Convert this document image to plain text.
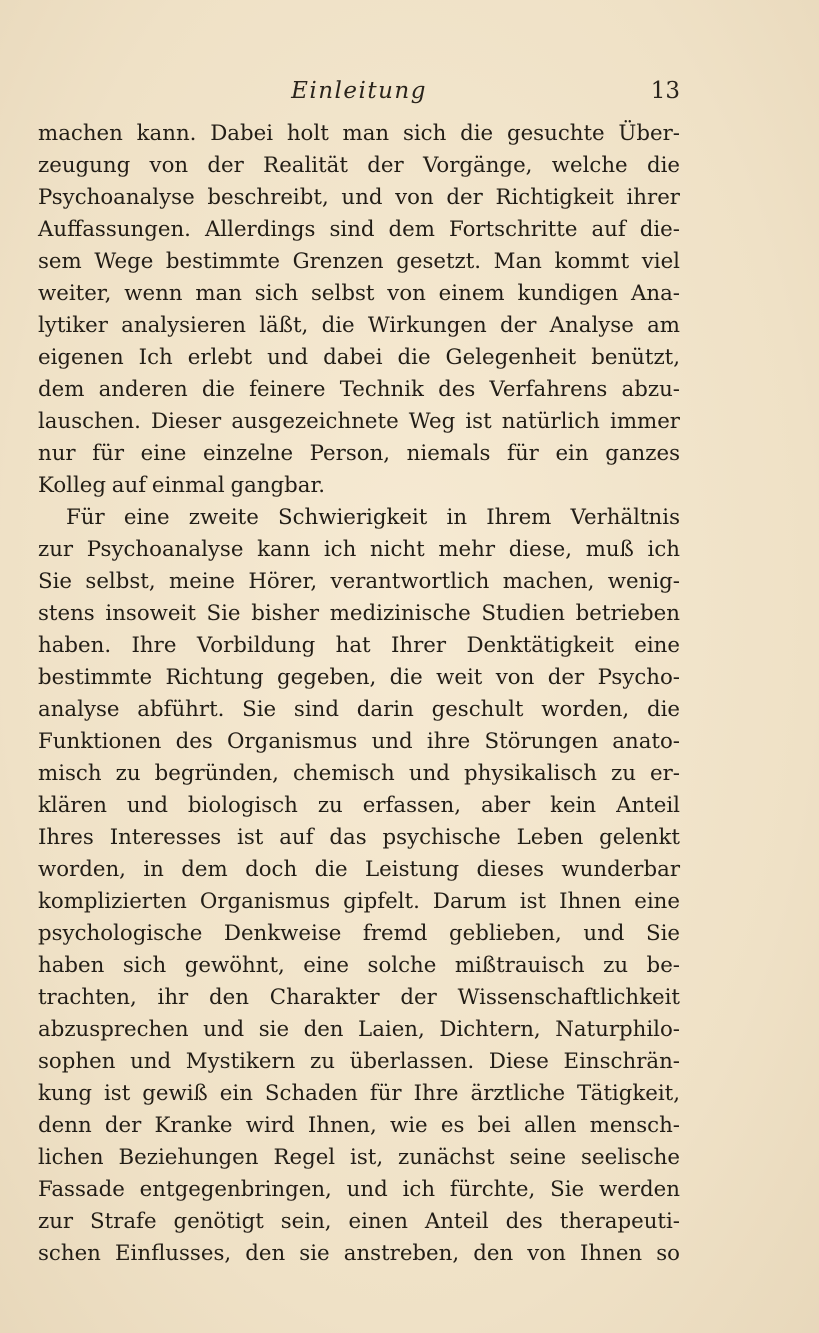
Einleitung	13
machen kann. Dabei holt man sich die gesuchte Über-
zeugung von der Realität der Vorgänge, welche die
Psychoanalyse beschreibt, und von der Richtigkeit ihrer
Auffassungen. Allerdings sind dem Fortschritte auf die-
sem Wege bestimmte Grenzen gesetzt. Man kommt viel
weiter, wenn man sich selbst von einem kundigen Ana-
lytiker analysieren läßt, die Wirkungen der Analyse am
eigenen Ich erlebt und dabei die Gelegenheit benützt,
dem anderen die feinere Technik des Verfahrens abzu-
lauschen. Dieser ausgezeichnete Weg ist natürlich immer
nur für eine einzelne Person, niemals für ein ganzes
Kolleg auf einmal gangbar.
Für eine zweite Schwierigkeit in Ihrem Verhältnis
zur Psychoanalyse kann ich nicht mehr diese, muß ich
Sie selbst, meine Hörer, verantwortlich machen, wenig-
stens insoweit Sie bisher medizinische Studien betrieben
haben. Ihre Vorbildung hat Ihrer Denktätigkeit eine
bestimmte Richtung gegeben, die weit von der Psycho-
analyse abführt. Sie sind darin geschult worden, die
Funktionen des Organismus und ihre Störungen anato-
misch zu begründen, chemisch und physikalisch zu er-
klären und biologisch zu erfassen, aber kein Anteil
Ihres Interesses ist auf das psychische Leben gelenkt
worden, in dem doch die Leistung dieses wunderbar
komplizierten Organismus gipfelt. Darum ist Ihnen eine
psychologische Denkweise fremd geblieben, und Sie
haben sich gewöhnt, eine solche mißtrauisch zu be-
trachten, ihr den Charakter der Wissenschaftlichkeit
abzusprechen und sie den Laien, Dichtern, Naturphilo-
sophen und Mystikern zu überlassen. Diese Einschrän-
kung ist gewiß ein Schaden für Ihre ärztliche Tätigkeit,
denn der Kranke wird Ihnen, wie es bei allen mensch-
lichen Beziehungen Regel ist, zunächst seine seelische
Fassade entgegenbringen, und ich fürchte, Sie werden
zur Strafe genötigt sein, einen Anteil des therapeuti-
schen Einflusses, den sie anstreben, den von Ihnen so
